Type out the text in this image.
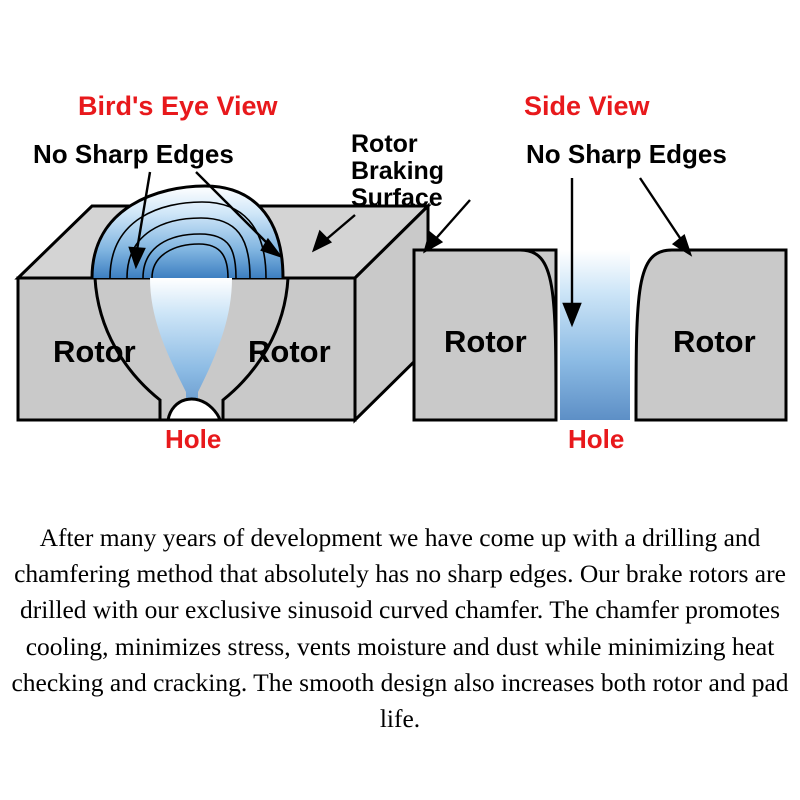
Rotor	Rotor	Rotor	Rotor
Bird's Eye View	Side View
No Sharp Edges	No Sharp Edges
Rotor
Braking
Surface
Hole	Hole
After many years of development we have come up with a drilling and chamfering method that absolutely has no sharp edges. Our brake rotors are drilled with our exclusive sinusoid curved chamfer. The chamfer promotes cooling, minimizes stress, vents moisture and dust while minimizing heat checking and cracking. The smooth design also increases both rotor and pad life.
